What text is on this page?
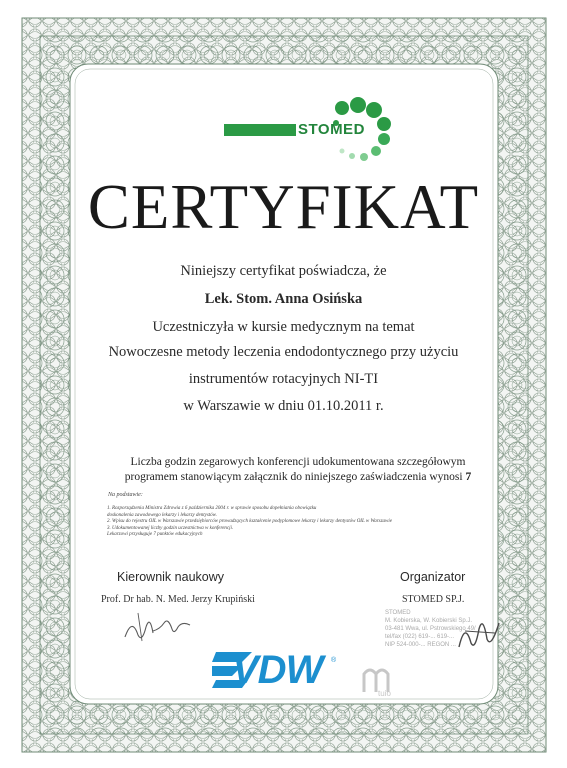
STOMED
CERTYFIKAT
Niniejszy certyfikat poświadcza, że
Lek. Stom. Anna Osińska
Uczestniczyła w kursie medycznym na temat
Nowoczesne metody leczenia endodontycznego przy użyciu
instrumentów rotacyjnych NI-TI
w Warszawie w dniu 01.10.2011 r.
Liczba godzin zegarowych konferencji udokumentowana szczegółowym
programem stanowiącym załącznik do niniejszego zaświadczenia wynosi 7
Na podstawie:
1. Rozporządzenia Ministra Zdrowia z 6 października 2004 r. w sprawie sposobu dopełniania obowiązku
doskonalenia zawodowego lekarzy i lekarzy dentystów.
2. Wpisu do rejestru OIL w Warszawie przedsiębiorców prowadzących kształcenie podyplomowe lekarzy i lekarzy dentystów OIL w Warszawie
3. Udokumentowanej liczby godzin uczestnictwa w konferencji.
Lekarzowi przysługuje 7 punktów edukacyjnych
Kierownik naukowy
Prof. Dr hab. N. Med. Jerzy Krupiński
Organizator
STOMED SP.J.
STOMED
M. Kobierska, W. Kobierski Sp.J.
03-481 Wwa, ul. Pstrowskiego 49/
tel/fax (022) 619-... 619-...
NIP 524-000-... REGON ...
VDW ®
tuio
